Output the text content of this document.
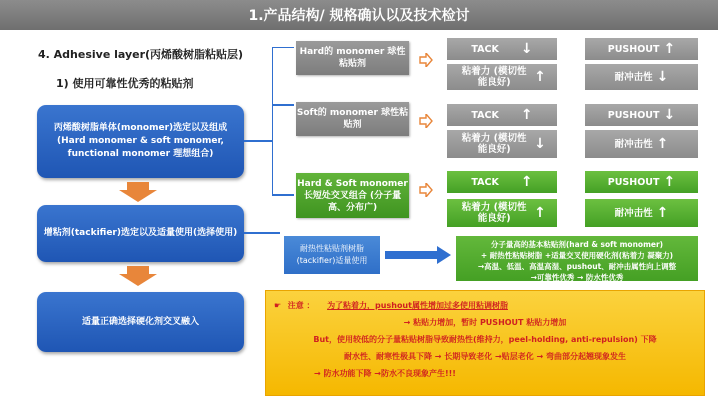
1.产品结构/ 规格确认以及技术检讨
4. Adhesive layer(丙烯酸树脂粘贴层)
1) 使用可靠性优秀的粘贴剂
丙烯酸树脂单体(monomer)选定以及组成 (Hard monomer & soft monomer, functional monomer 理想组合)
增粘剂(tackifier)选定以及适量使用(选择使用)
适量正确选择硬化剂交叉融入
Hard的 monomer 球性粘贴剂
Soft的 monomer 球性粘贴剂
Hard & Soft monomer 长短处交叉组合 (分子量高、分布广)
TACK ↓	PUSHOUT ↑
粘着力 (模切性能良好)	↑	耐冲击性 ↓
TACK ↑	PUSHOUT ↓
粘着力 (模切性能良好)	↓	耐冲击性 ↑
TACK ↑	PUSHOUT ↑
粘着力 (模切性能良好)	↑	耐冲击性 ↑
耐热性粘贴剂树脂(tackifier)适量使用
分子量高的基本粘贴剂(hard & soft monomer)
+ 耐热性粘贴树脂 +适量交叉使用硬化剂(粘着力 凝聚力)
→高温、低温、高温高湿、pushout、耐冲击属性向上调整
→可靠性优秀 → 防水性优秀
☛ 注意 ： 为了粘着力，pushout属性增加过多使用粘调树脂
→ 粘贴力增加，暂时 PUSHOUT 粘贴力增加
But，使用较低的分子量粘贴树脂导致耐热性(维持力，peel-holding, anti-repulsion) 下降
耐水性、耐寒性极具下降 → 长期导致老化 →贴层老化 → 弯曲部分起翘现象发生
→ 防水功能下降 →防水不良现象产生!!!
